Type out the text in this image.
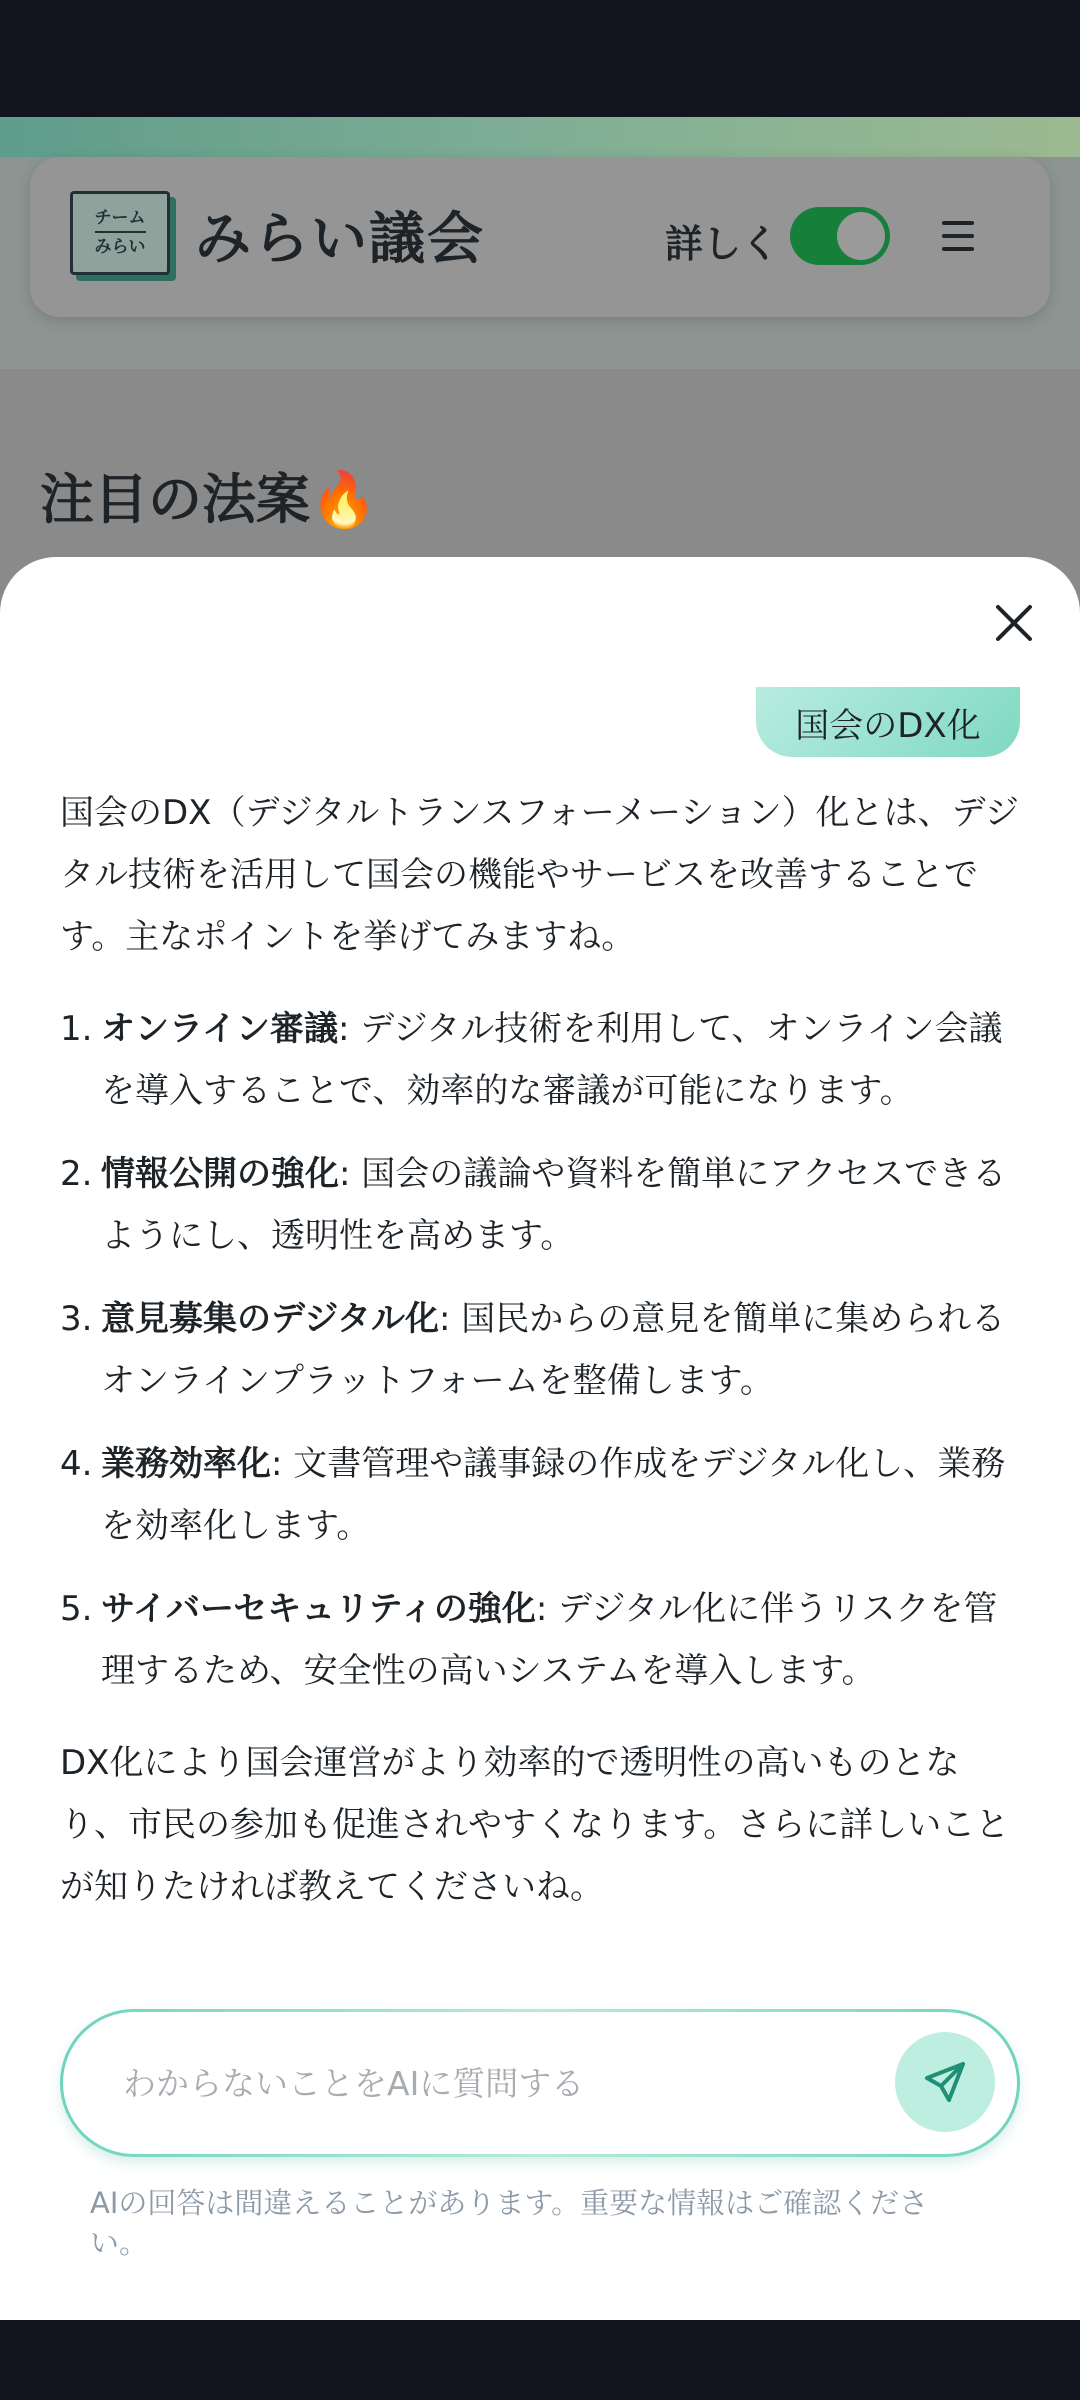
チーム
みらい みらい議会	詳しく
注目の法案🔥
国会のDX化

国会のDX（デジタルトランスフォーメーション）化とは、デジタル技術を活用して国会の機能やサービスを改善することです。主なポイントを挙げてみますね。

1. オンライン審議: デジタル技術を利用して、オンライン会議を導入することで、効率的な審議が可能になります。
2. 情報公開の強化: 国会の議論や資料を簡単にアクセスできるようにし、透明性を高めます。
3. 意見募集のデジタル化: 国民からの意見を簡単に集められるオンラインプラットフォームを整備します。
4. 業務効率化: 文書管理や議事録の作成をデジタル化し、業務を効率化します。
5. サイバーセキュリティの強化: デジタル化に伴うリスクを管理するため、安全性の高いシステムを導入します。

DX化により国会運営がより効率的で透明性の高いものとなり、市民の参加も促進されやすくなります。さらに詳しいことが知りたければ教えてくださいね。

わからないことをAIに質問する
AIの回答は間違えることがあります。重要な情報はご確認ください。
